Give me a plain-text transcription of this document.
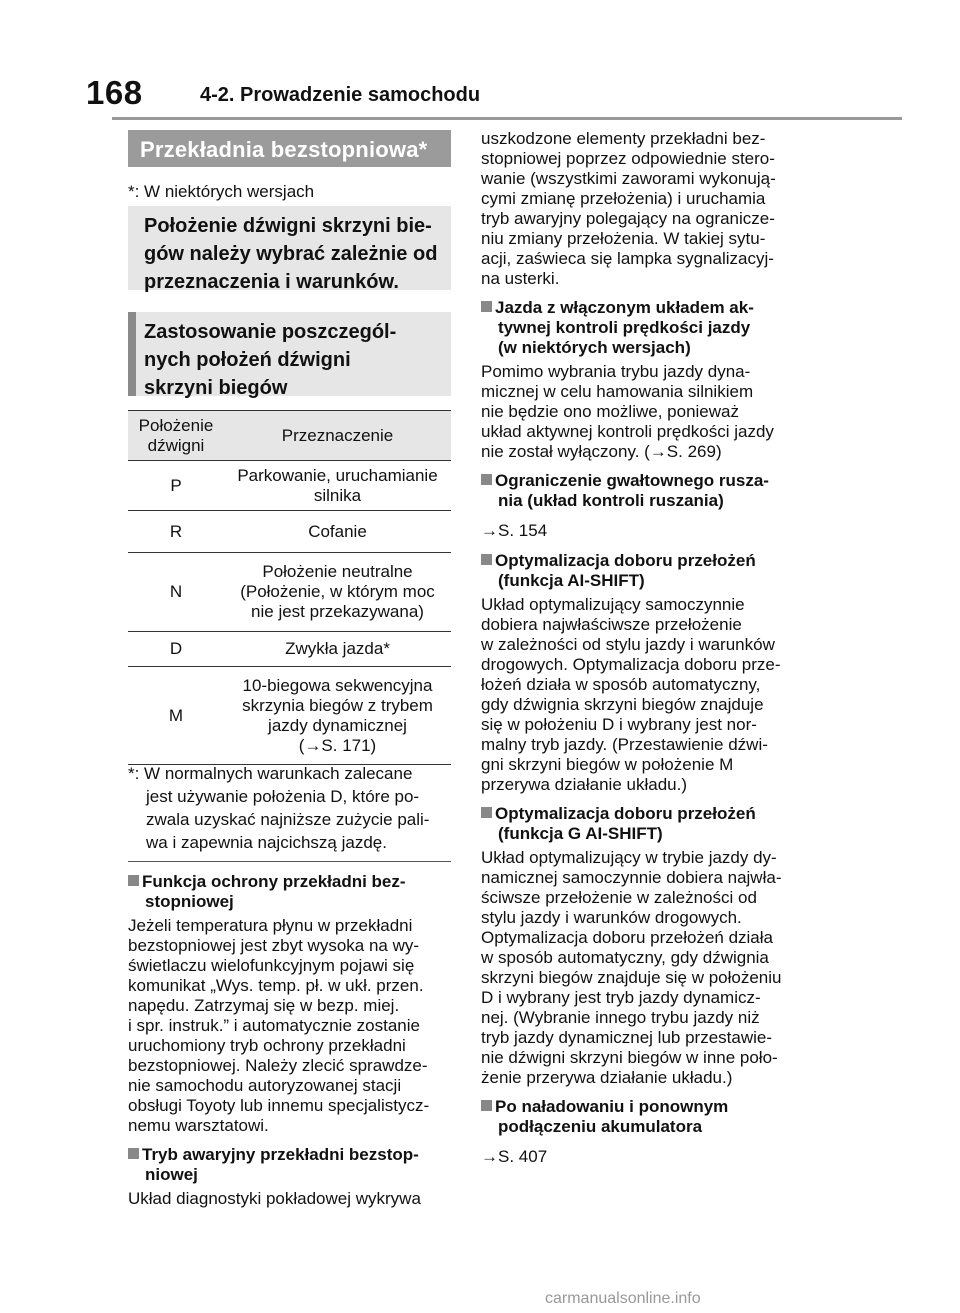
168	4-2. Prowadzenie samochodu
Przekładnia bezstopniowa*
*: W niektórych wersjach
Położenie dźwigni skrzyni bie-
gów należy wybrać zależnie od
przeznaczenia i warunków.
Zastosowanie poszczegól-
nych położeń dźwigni
skrzyni biegów
Położenie
dźwigni	Przeznaczenie
P	Parkowanie, uruchamianie
silnika
R	Cofanie
N	Położenie neutralne
(Położenie, w którym moc
nie jest przekazywana)
D	Zwykła jazda*
M	10-biegowa sekwencyjna
skrzynia biegów z trybem
jazdy dynamicznej
(→S. 171)
*: W normalnych warunkach zalecane
jest używanie położenia D, które po-
zwala uzyskać najniższe zużycie pali-
wa i zapewnia najcichszą jazdę.
Funkcja ochrony przekładni bez-
stopniowej
Jeżeli temperatura płynu w przekładni
bezstopniowej jest zbyt wysoka na wy-
świetlaczu wielofunkcyjnym pojawi się
komunikat „Wys. temp. pł. w ukł. przen.
napędu. Zatrzymaj się w bezp. miej.
i spr. instruk.” i automatycznie zostanie
uruchomiony tryb ochrony przekładni
bezstopniowej. Należy zlecić sprawdze-
nie samochodu autoryzowanej stacji
obsługi Toyoty lub innemu specjalistycz-
nemu warsztatowi.
Tryb awaryjny przekładni bezstop-
niowej
Układ diagnostyki pokładowej wykrywa
uszkodzone elementy przekładni bez-
stopniowej poprzez odpowiednie stero-
wanie (wszystkimi zaworami wykonują-
cymi zmianę przełożenia) i uruchamia
tryb awaryjny polegający na ogranicze-
niu zmiany przełożenia. W takiej sytu-
acji, zaświeca się lampka sygnalizacyj-
na usterki.
Jazda z włączonym układem ak-
tywnej kontroli prędkości jazdy
(w niektórych wersjach)
Pomimo wybrania trybu jazdy dyna-
micznej w celu hamowania silnikiem
nie będzie ono możliwe, ponieważ
układ aktywnej kontroli prędkości jazdy
nie został wyłączony. (→S. 269)
Ograniczenie gwałtownego rusza-
nia (układ kontroli ruszania)
→S. 154
Optymalizacja doboru przełożeń
(funkcja AI-SHIFT)
Układ optymalizujący samoczynnie
dobiera najwłaściwsze przełożenie
w zależności od stylu jazdy i warunków
drogowych. Optymalizacja doboru prze-
łożeń działa w sposób automatyczny,
gdy dźwignia skrzyni biegów znajduje
się w położeniu D i wybrany jest nor-
malny tryb jazdy. (Przestawienie dźwi-
gni skrzyni biegów w położenie M
przerywa działanie układu.)
Optymalizacja doboru przełożeń
(funkcja G AI-SHIFT)
Układ optymalizujący w trybie jazdy dy-
namicznej samoczynnie dobiera najwła-
ściwsze przełożenie w zależności od
stylu jazdy i warunków drogowych.
Optymalizacja doboru przełożeń działa
w sposób automatyczny, gdy dźwignia
skrzyni biegów znajduje się w położeniu
D i wybrany jest tryb jazdy dynamicz-
nej. (Wybranie innego trybu jazdy niż
tryb jazdy dynamicznej lub przestawie-
nie dźwigni skrzyni biegów w inne poło-
żenie przerywa działanie układu.)
Po naładowaniu i ponownym
podłączeniu akumulatora
→S. 407
carmanualsonline.info
